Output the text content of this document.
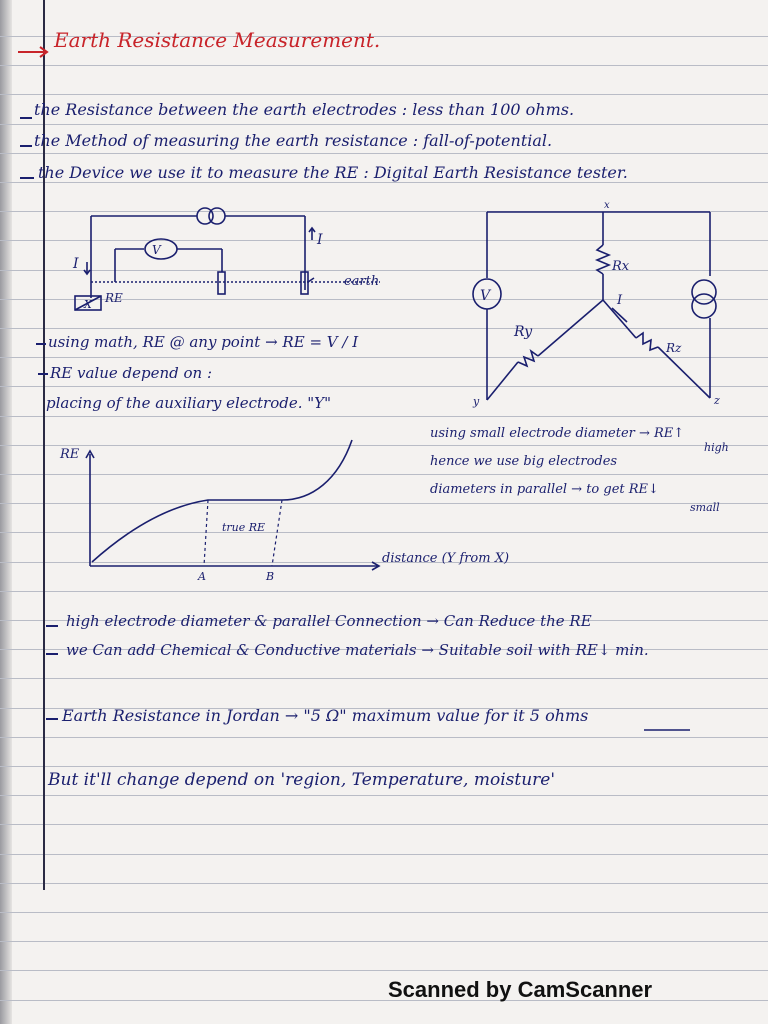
I
I
earth
X RE
V
x
y	z
Rx
Ry
Rz
I
V
RE
distance (Y from X)
true RE
A	B
Earth Resistance Measurement.
the Resistance between the earth electrodes : less than 100 ohms.
the Method of measuring the earth resistance : fall-of-potential.
the Device we use it to measure the RE : Digital Earth Resistance tester.
using math, RE @ any point → RE = V / I
RE value depend on :
placing of the auxiliary electrode. "Y"
using small electrode diameter → RE↑
high
hence we use big electrodes
diameters in parallel → to get RE↓
small
high electrode diameter & parallel Connection → Can Reduce the RE
we Can add Chemical & Conductive materials → Suitable soil with RE↓ min.
Earth Resistance in Jordan → "5 Ω" maximum value for it 5 ohms
But it'll change depend on 'region, Temperature, moisture'
Scanned by CamScanner
